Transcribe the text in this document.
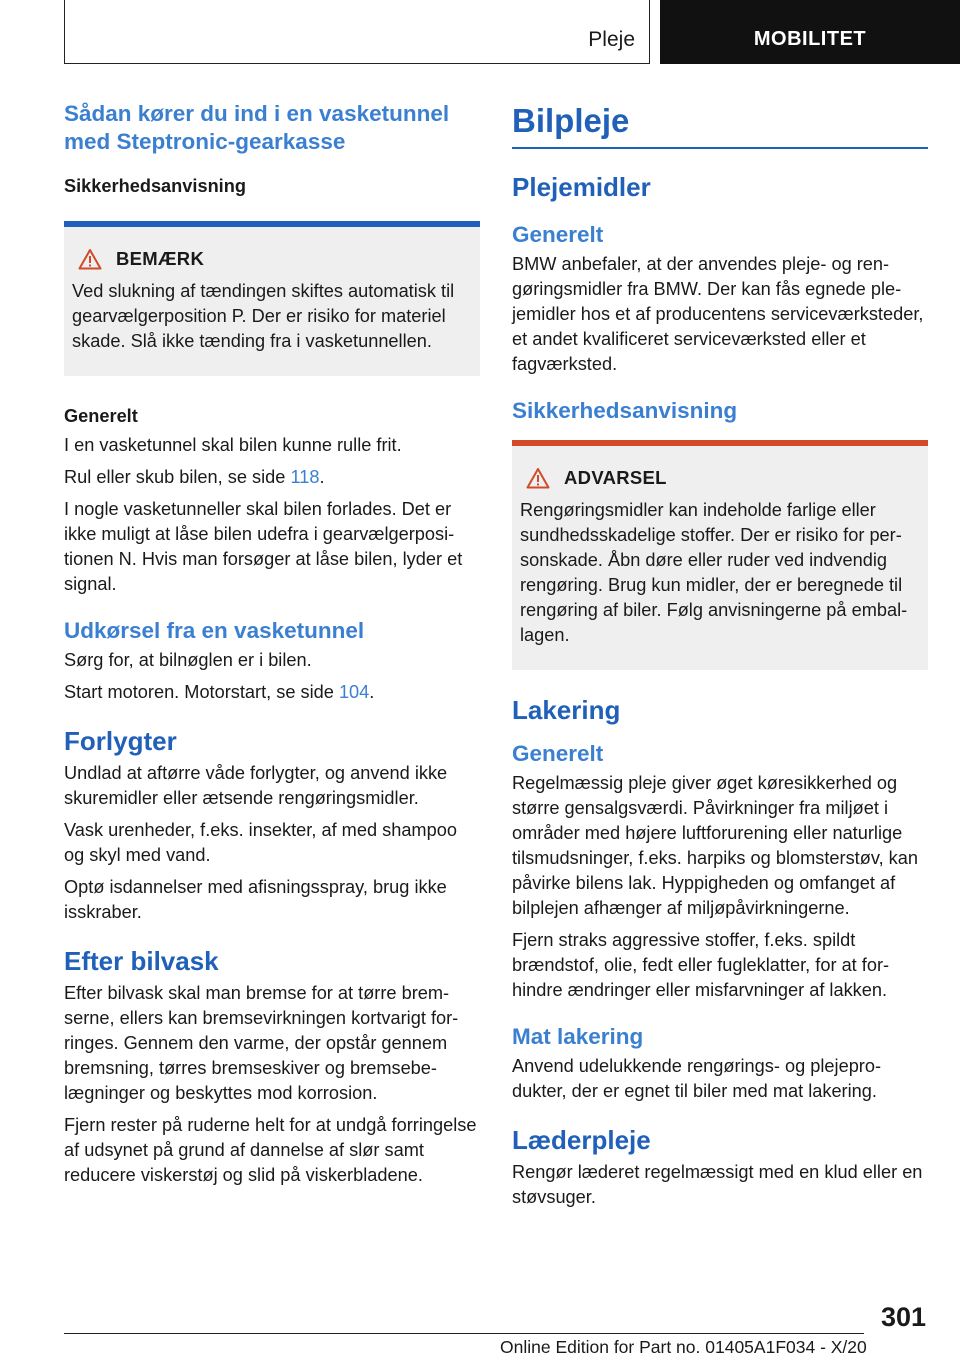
Pleje	MOBILITET
Sådan kører du ind i en vasketunnel med Steptronic-gearkasse
Sikkerhedsanvisning
BEMÆRK

Ved slukning af tændingen skiftes automatisk til gearvælgerposition P. Der er risiko for materiel skade. Slå ikke tænding fra i vasketunnellen.

Generelt

I en vasketunnel skal bilen kunne rulle frit.

Rul eller skub bilen, se side 118.

I nogle vasketunneller skal bilen forlades. Det er ikke muligt at låse bilen udefra i gearvælgerpositionen N. Hvis man forsøger at låse bilen, lyder et signal.

Udkørsel fra en vasketunnel

Sørg for, at bilnøglen er i bilen.

Start motoren. Motorstart, se side 104.

Forlygter

Undlad at aftørre våde forlygter, og anvend ikke skuremidler eller ætsende rengøringsmidler.

Vask urenheder, f.eks. insekter, af med shampoo og skyl med vand.

Optø isdannelser med afisningsspray, brug ikke isskraber.

Efter bilvask

Efter bilvask skal man bremse for at tørre bremserne, ellers kan bremsevirkningen kortvarigt forringes. Gennem den varme, der opstår gennem bremsning, tørres bremseskiver og bremsebelægninger og beskyttes mod korrosion.

Fjern rester på ruderne helt for at undgå forringelse af udsynet på grund af dannelse af slør samt reducere viskerstøj og slid på viskerbladene.

Bilpleje
Plejemidler
Generelt

BMW anbefaler, at der anvendes pleje- og rengøringsmidler fra BMW. Der kan fås egnede plejemidler hos et af producentens serviceværksteder, et andet kvalificeret serviceværksted eller et fagværksted.

Sikkerhedsanvisning
ADVARSEL

Rengøringsmidler kan indeholde farlige eller sundhedsskadelige stoffer. Der er risiko for personskade. Åbn døre eller ruder ved indvendig rengøring. Brug kun midler, der er beregnede til rengøring af biler. Følg anvisningerne på emballagen.

Lakering
Generelt

Regelmæssig pleje giver øget køresikkerhed og større gensalgsværdi. Påvirkninger fra miljøet i områder med højere luftforurening eller naturlige tilsmudsninger, f.eks. harpiks og blomsterstøv, kan påvirke bilens lak. Hyppigheden og omfanget af bilplejen afhænger af miljøpåvirkningerne.

Fjern straks aggressive stoffer, f.eks. spildt brændstof, olie, fedt eller fugleklatter, for at forhindre ændringer eller misfarvninger af lakken.

Mat lakering

Anvend udelukkende rengørings- og plejeprodukter, der er egnet til biler med mat lakering.

Læderpleje

Rengør læderet regelmæssigt med en klud eller en støvsuger.

301
Online Edition for Part no. 01405A1F034 - X/20
